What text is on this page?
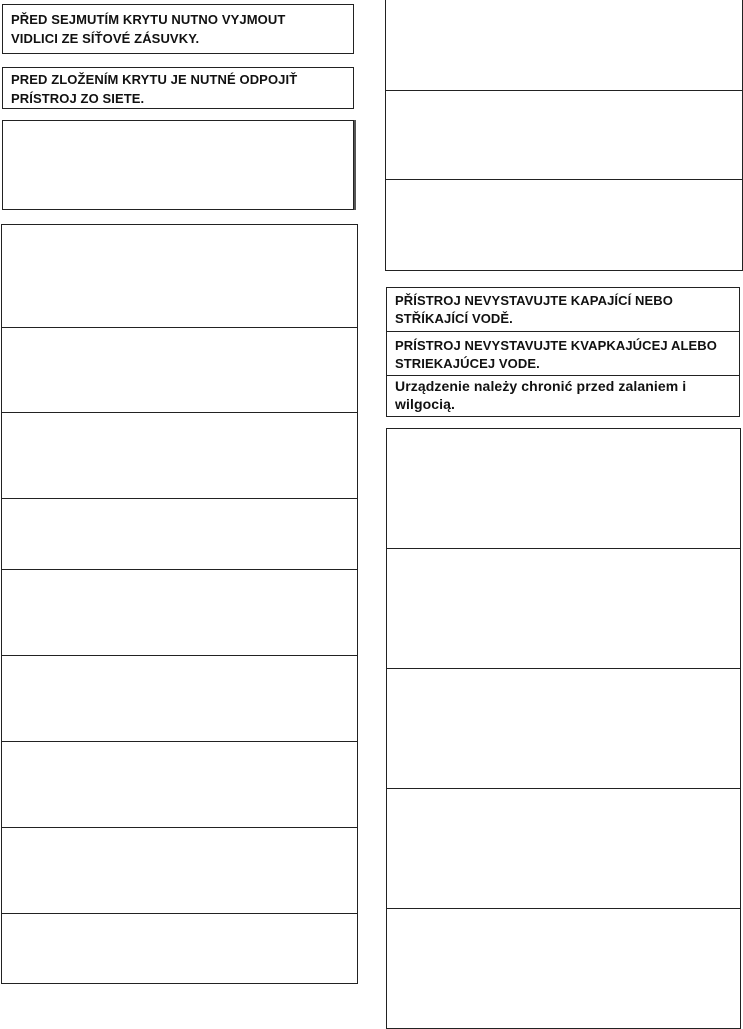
PŘED SEJMUTÍM KRYTU NUTNO VYJMOUT
VIDLICI ZE SÍŤOVÉ ZÁSUVKY.
PRED ZLOŽENÍM KRYTU JE NUTNÉ ODPOJIŤ
PRÍSTROJ ZO SIETE.
PŘÍSTROJ NEVYSTAVUJTE KAPAJÍCÍ NEBO
STŘÍKAJÍCÍ VODĚ.
PRÍSTROJ NEVYSTAVUJTE KVAPKAJÚCEJ ALEBO
STRIEKAJÚCEJ VODE.
Urządzenie należy chronić przed zalaniem i
wilgocią.
